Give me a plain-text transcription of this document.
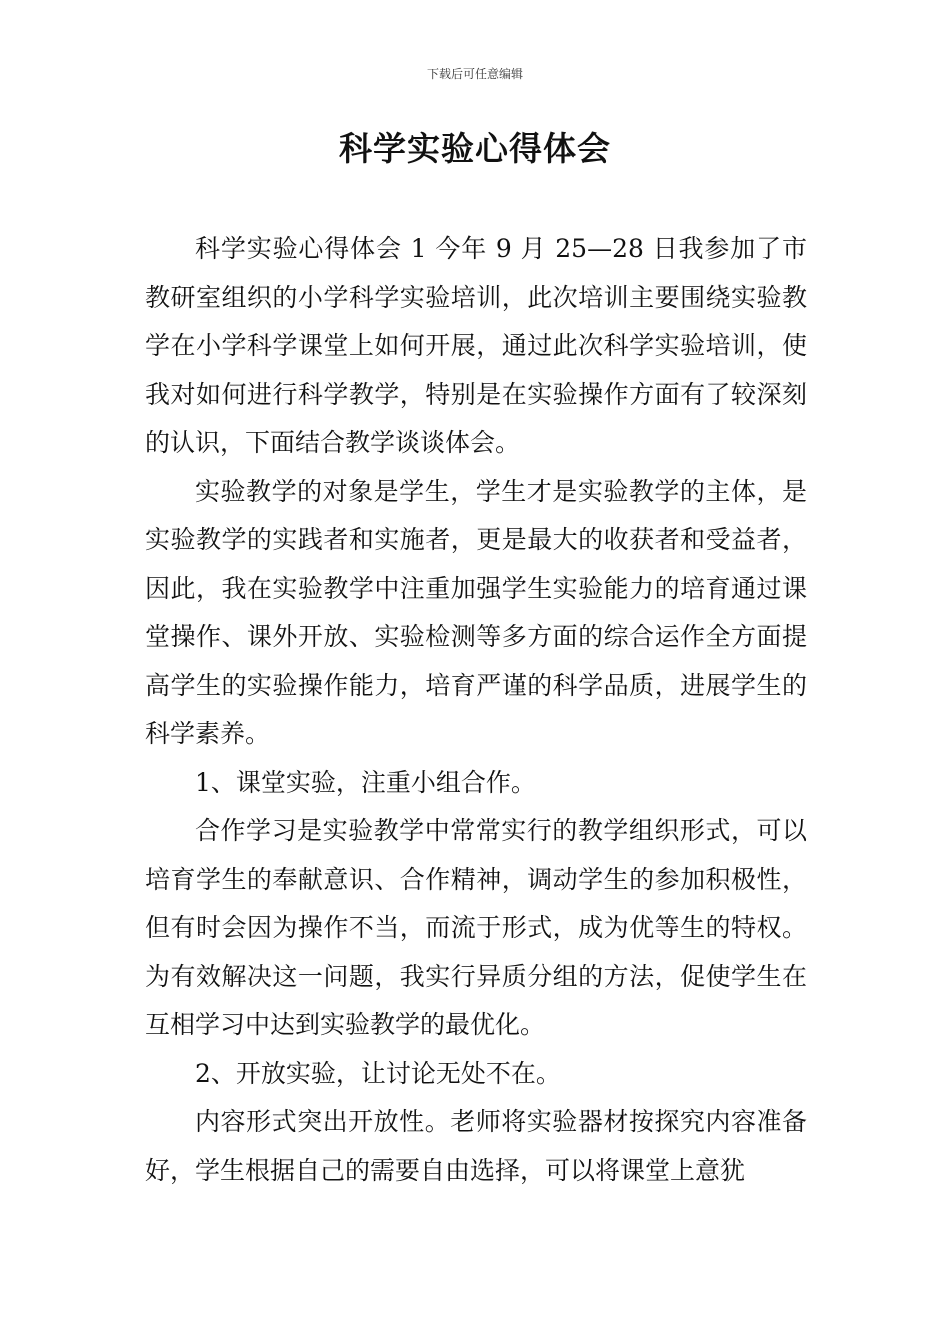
下载后可任意编辑
科学实验心得体会

科学实验心得体会 1 今年 9 月 25—28 日我参加了市教研室组织的小学科学实验培训，此次培训主要围绕实验教学在小学科学课堂上如何开展，通过此次科学实验培训，使我对如何进行科学教学，特别是在实验操作方面有了较深刻的认识，下面结合教学谈谈体会。

实验教学的对象是学生，学生才是实验教学的主体，是实验教学的实践者和实施者，更是最大的收获者和受益者，因此，我在实验教学中注重加强学生实验能力的培育通过课堂操作、课外开放、实验检测等多方面的综合运作全方面提高学生的实验操作能力，培育严谨的科学品质，进展学生的科学素养。

1、课堂实验，注重小组合作。

合作学习是实验教学中常常实行的教学组织形式，可以培育学生的奉献意识、合作精神，调动学生的参加积极性，但有时会因为操作不当，而流于形式，成为优等生的特权。为有效解决这一问题，我实行异质分组的方法，促使学生在互相学习中达到实验教学的最优化。

2、开放实验，让讨论无处不在。

内容形式突出开放性。老师将实验器材按探究内容准备好，学生根据自己的需要自由选择，可以将课堂上意犹
